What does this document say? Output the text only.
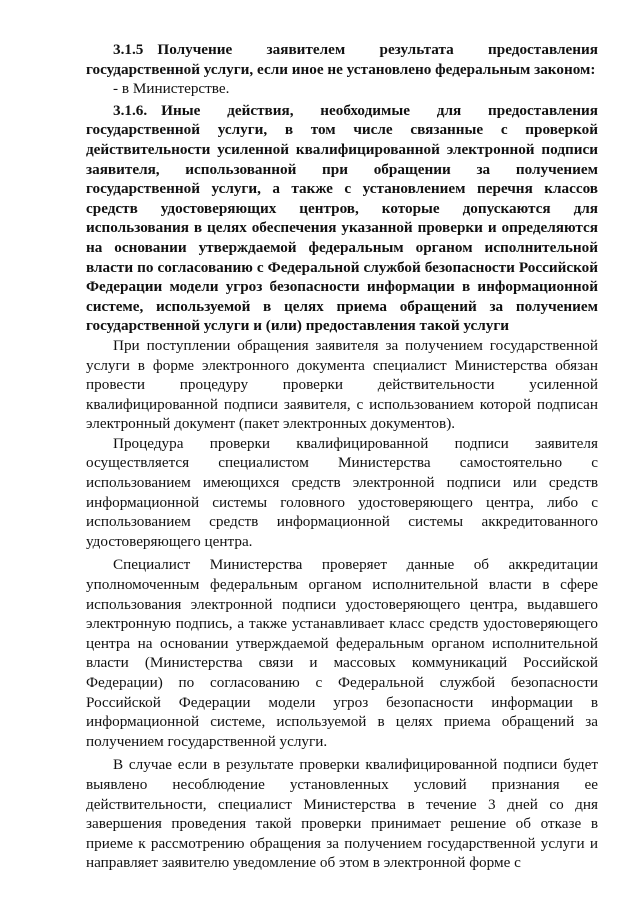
3.1.5 Получение заявителем результата предоставления государственной услуги, если иное не установлено федеральным законом:

- в Министерстве.

3.1.6. Иные действия, необходимые для предоставления государственной услуги, в том числе связанные с проверкой действительности усиленной квалифицированной электронной подписи заявителя, использованной при обращении за получением государственной услуги, а также с установлением перечня классов средств удостоверяющих центров, которые допускаются для использования в целях обеспечения указанной проверки и определяются на основании утверждаемой федеральным органом исполнительной власти по согласованию с Федеральной службой безопасности Российской Федерации модели угроз безопасности информации в информационной системе, используемой в целях приема обращений за получением государственной услуги и (или) предоставления такой услуги

При поступлении обращения заявителя за получением государственной услуги в форме электронного документа специалист Министерства обязан провести процедуру проверки действительности усиленной квалифицированной подписи заявителя, с использованием которой подписан электронный документ (пакет электронных документов).

Процедура проверки квалифицированной подписи заявителя осуществляется специалистом Министерства самостоятельно с использованием имеющихся средств электронной подписи или средств информационной системы головного удостоверяющего центра, либо с использованием средств информационной системы аккредитованного удостоверяющего центра.

Специалист Министерства проверяет данные об аккредитации уполномоченным федеральным органом исполнительной власти в сфере использования электронной подписи удостоверяющего центра, выдавшего электронную подпись, а также устанавливает класс средств удостоверяющего центра на основании утверждаемой федеральным органом исполнительной власти (Министерства связи и массовых коммуникаций Российской Федерации) по согласованию с Федеральной службой безопасности Российской Федерации модели угроз безопасности информации в информационной системе, используемой в целях приема обращений за получением государственной услуги.

В случае если в результате проверки квалифицированной подписи будет выявлено несоблюдение установленных условий признания ее действительности, специалист Министерства в течение 3 дней со дня завершения проведения такой проверки принимает решение об отказе в приеме к рассмотрению обращения за получением государственной услуги и направляет заявителю уведомление об этом в электронной форме с
